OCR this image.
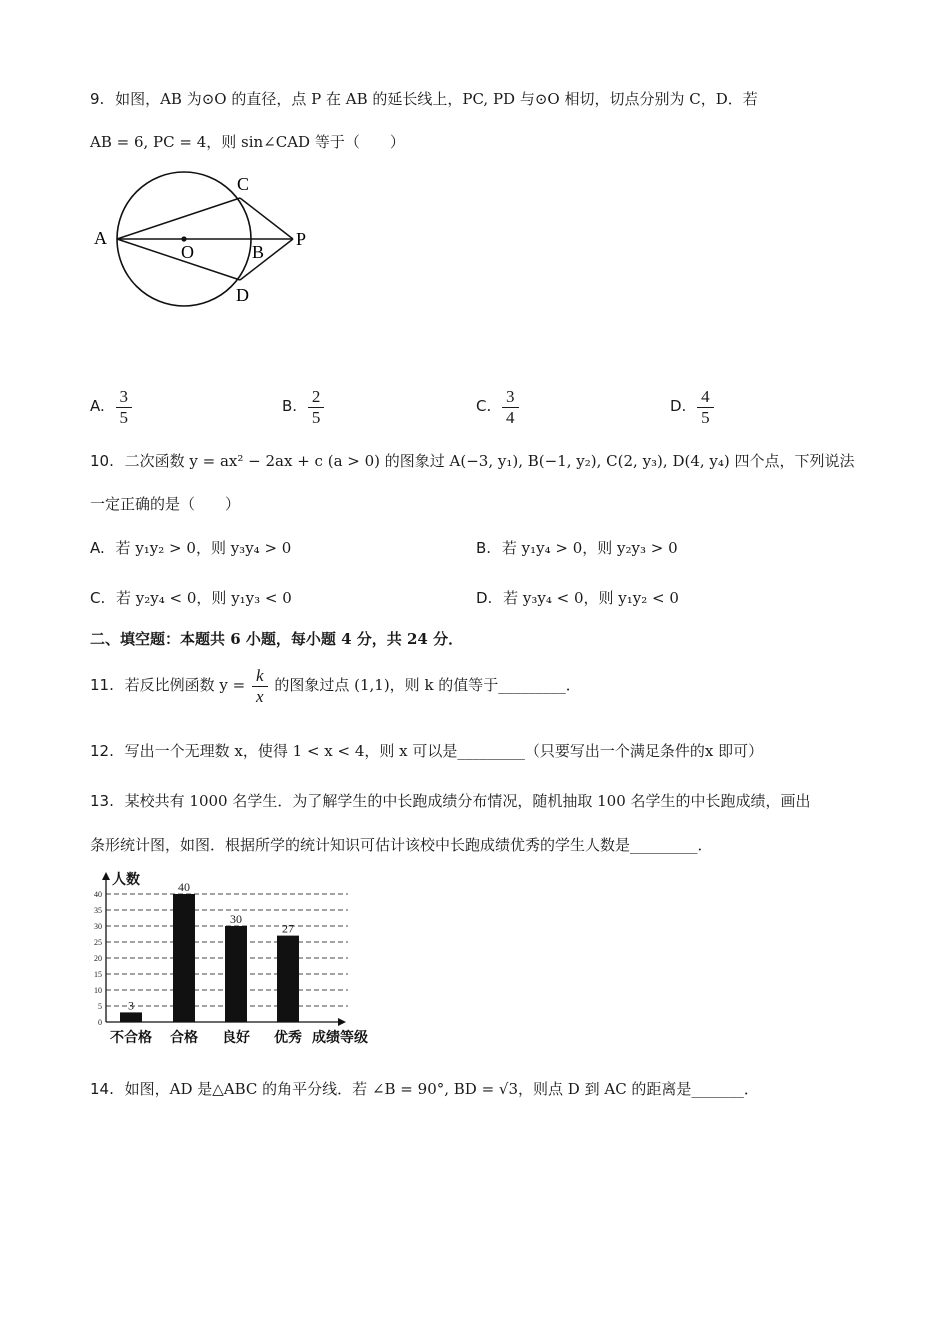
9. 如图，AB 为⊙O 的直径，点 P 在 AB 的延长线上，PC, PD 与⊙O 相切，切点分别为 C，D．若
AB = 6, PC = 4，则 sin∠CAD 等于（　　）
A
O	B
P
C
D
A. $\frac{3}{5}$	B. $\frac{2}{5}$	C. $\frac{3}{4}$	D. $\frac{4}{5}$
10. 二次函数 y = ax² − 2ax + c (a > 0) 的图象过 A(−3, y₁), B(−1, y₂), C(2, y₃), D(4, y₄) 四个点，下列说法
一定正确的是（　　）
A. 若 y₁y₂ > 0，则 y₃y₄ > 0	B. 若 y₁y₄ > 0，则 y₂y₃ > 0
C. 若 y₂y₄ < 0，则 y₁y₃ < 0	D. 若 y₃y₄ < 0，则 y₁y₂ < 0
二、填空题：本题共 6 小题，每小题 4 分，共 24 分．
11. 若反比例函数 $y = \frac{k}{x}$ 的图象过点 (1,1)，则 k 的值等于_________．
12. 写出一个无理数 x，使得 1 < x < 4，则 x 可以是_________（只要写出一个满足条件的x 即可）
13. 某校共有 1000 名学生．为了解学生的中长跑成绩分布情况，随机抽取 100 名学生的中长跑成绩，画出
条形统计图，如图．根据所学的统计知识可估计该校中长跑成绩优秀的学生人数是_________．
0
5
10
15
20
25
30
35
40
人数
成绩等级
3
不合格
40
合格
30
良好
27
优秀
14. 如图，AD 是△ABC 的角平分线．若 ∠B = 90°, BD = √3，则点 D 到 AC 的距离是_______．
